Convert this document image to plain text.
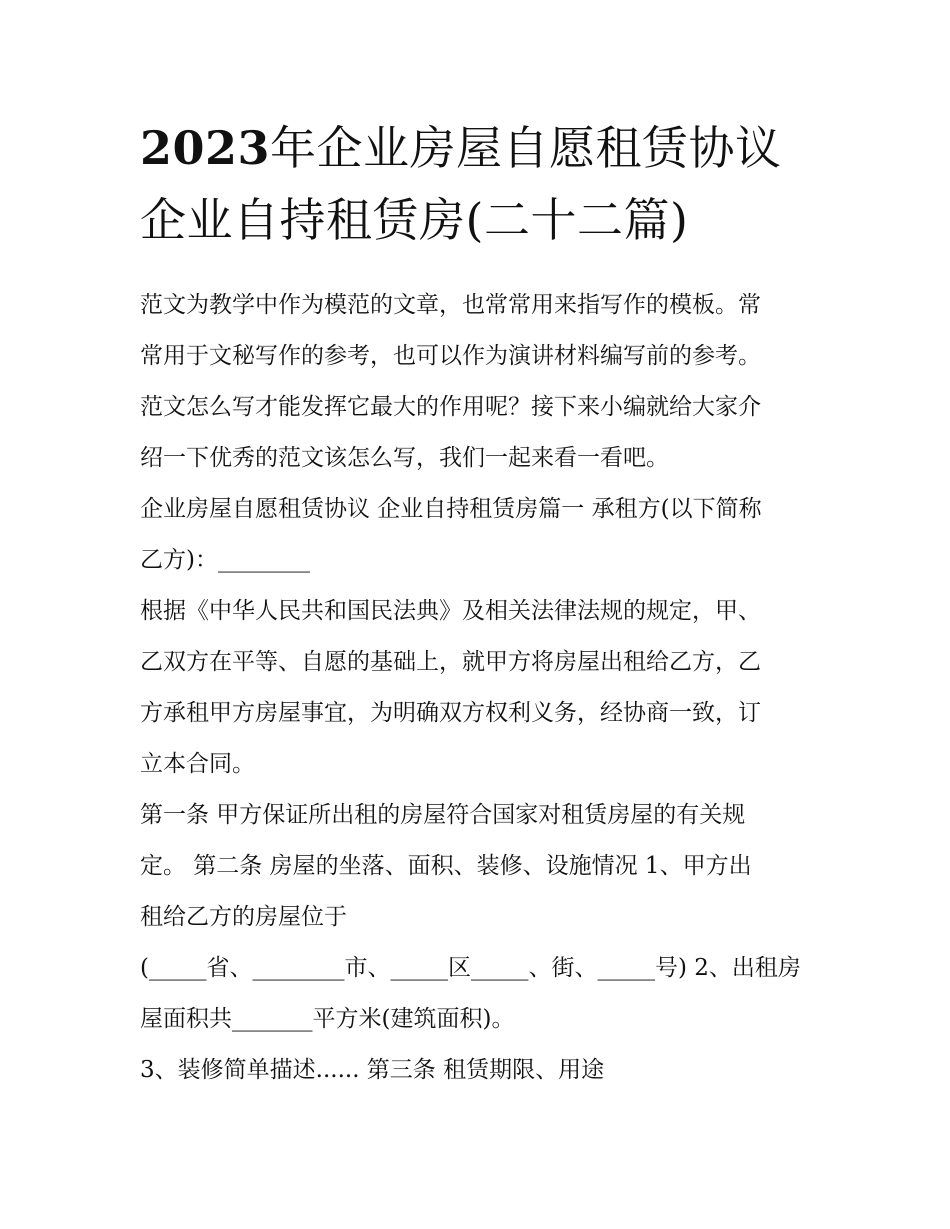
2023年企业房屋自愿租赁协议
企业自持租赁房(二十二篇)
范文为教学中作为模范的文章，也常常用来指写作的模板。常
常用于文秘写作的参考，也可以作为演讲材料编写前的参考。
范文怎么写才能发挥它最大的作用呢？接下来小编就给大家介
绍一下优秀的范文该怎么写，我们一起来看一看吧。
企业房屋自愿租赁协议 企业自持租赁房篇一 承租方(以下简称
乙方)：________
根据《中华人民共和国民法典》及相关法律法规的规定，甲、
乙双方在平等、自愿的基础上，就甲方将房屋出租给乙方，乙
方承租甲方房屋事宜，为明确双方权利义务，经协商一致，订
立本合同。
第一条 甲方保证所出租的房屋符合国家对租赁房屋的有关规
定。 第二条 房屋的坐落、面积、装修、设施情况 1、甲方出
租给乙方的房屋位于
(_____省、________市、_____区_____、街、_____号) 2、出租房
屋面积共_______平方米(建筑面积)。
3、装修简单描述...... 第三条 租赁期限、用途
